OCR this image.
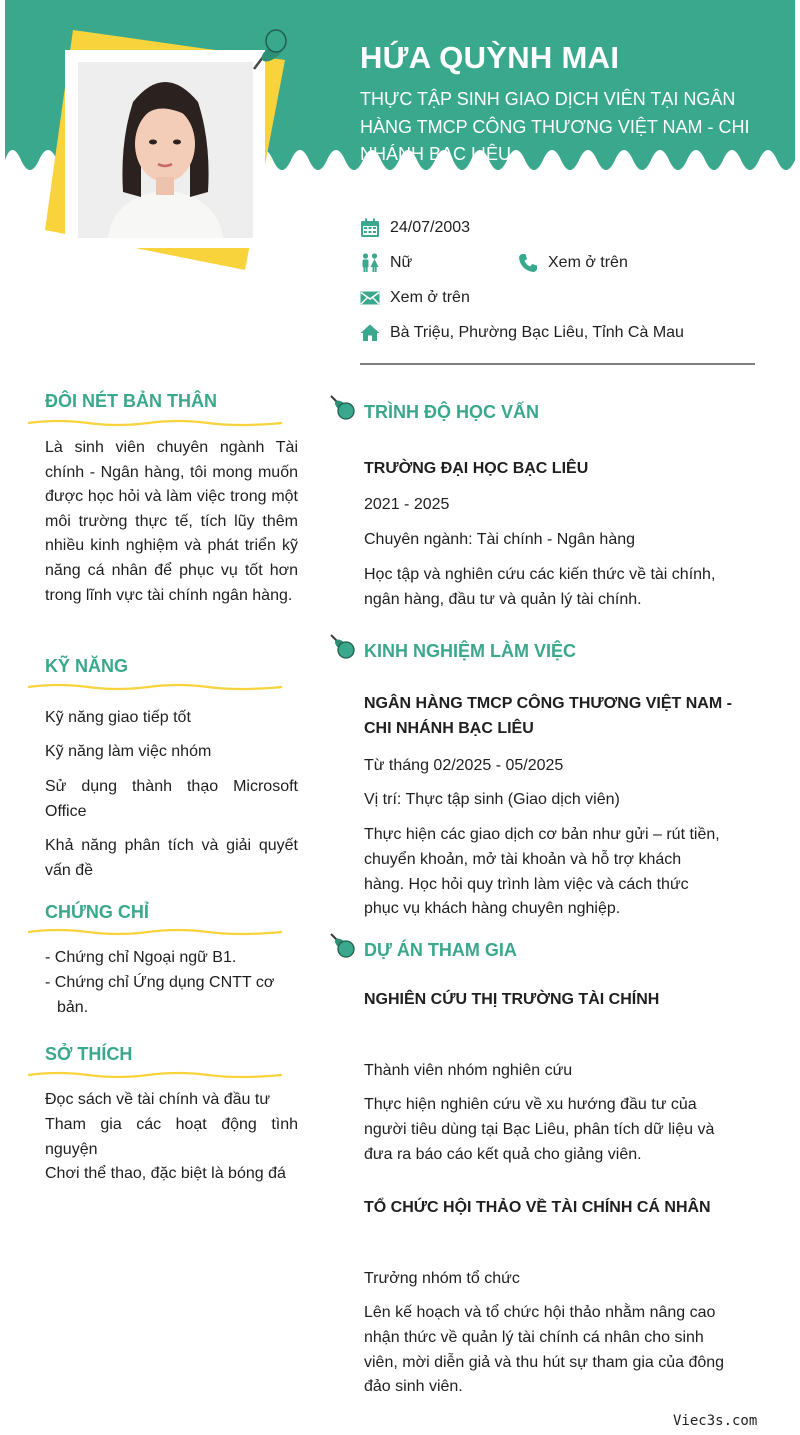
HỨA QUỲNH MAI
THỰC TẬP SINH GIAO DỊCH VIÊN TẠI NGÂN HÀNG TMCP CÔNG THƯƠNG VIỆT NAM - CHI NHÁNH BẠC LIÊU
24/07/2003
Nữ	Xem ở trên
Xem ở trên
Bà Triệu, Phường Bạc Liêu, Tỉnh Cà Mau
ĐÔI NÉT BẢN THÂN
Là sinh viên chuyên ngành Tài chính - Ngân hàng, tôi mong muốn được học hỏi và làm việc trong một môi trường thực tế, tích lũy thêm nhiều kinh nghiệm và phát triển kỹ năng cá nhân để phục vụ tốt hơn trong lĩnh vực tài chính ngân hàng.
KỸ NĂNG
Kỹ năng giao tiếp tốt
Kỹ năng làm việc nhóm
Sử dụng thành thạo Microsoft Office
Khả năng phân tích và giải quyết vấn đề
CHỨNG CHỈ
- Chứng chỉ Ngoại ngữ B1.
- Chứng chỉ Ứng dụng CNTT cơ bản.
SỞ THÍCH
Đọc sách về tài chính và đầu tư
Tham gia các hoạt động tình nguyện
Chơi thể thao, đặc biệt là bóng đá
TRÌNH ĐỘ HỌC VẤN
TRƯỜNG ĐẠI HỌC BẠC LIÊU
2021 - 2025
Chuyên ngành: Tài chính - Ngân hàng
Học tập và nghiên cứu các kiến thức về tài chính, ngân hàng, đầu tư và quản lý tài chính.
KINH NGHIỆM LÀM VIỆC
NGÂN HÀNG TMCP CÔNG THƯƠNG VIỆT NAM - CHI NHÁNH BẠC LIÊU
Từ tháng 02/2025 - 05/2025
Vị trí: Thực tập sinh (Giao dịch viên)
Thực hiện các giao dịch cơ bản như gửi – rút tiền, chuyển khoản, mở tài khoản và hỗ trợ khách hàng. Học hỏi quy trình làm việc và cách thức phục vụ khách hàng chuyên nghiệp.
DỰ ÁN THAM GIA
NGHIÊN CỨU THỊ TRƯỜNG TÀI CHÍNH
Thành viên nhóm nghiên cứu
Thực hiện nghiên cứu về xu hướng đầu tư của người tiêu dùng tại Bạc Liêu, phân tích dữ liệu và đưa ra báo cáo kết quả cho giảng viên.
TỔ CHỨC HỘI THẢO VỀ TÀI CHÍNH CÁ NHÂN
Trưởng nhóm tổ chức
Lên kế hoạch và tổ chức hội thảo nhằm nâng cao nhận thức về quản lý tài chính cá nhân cho sinh viên, mời diễn giả và thu hút sự tham gia của đông đảo sinh viên.
Viec3s.com
